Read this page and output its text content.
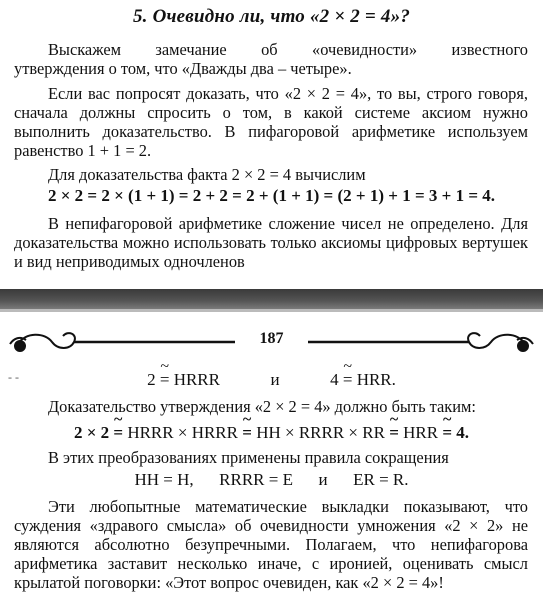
5. Очевидно ли, что «2 × 2 = 4»?
Выскажем замечание об «очевидности» известного
утверждения о том, что «Дважды два – четыре».
Если вас попросят доказать, что «2 × 2 = 4», то вы, строго говоря, сначала должны спросить о том, в какой системе аксиом нужно выполнить доказательство. В пифагоровой арифметике используем равенство 1 + 1 = 2.
Для доказательства факта 2 × 2 = 4 вычислим
2 × 2 = 2 × (1 + 1) = 2 + 2 = 2 + (1 + 1) = (2 + 1) + 1 = 3 + 1 = 4.
В непифагоровой арифметике сложение чисел не определено. Для доказательства можно использовать только аксиомы цифровых вертушек и вид неприводимых одночленов
187
- -	2 ~ = HRRR	и	4 ~ = HRR.
Доказательство утверждения «2 × 2 = 4» должно быть таким:
2 × 2 ~ = HRRR × HRRR ~ = HH × RRRR × RR ~ = HRR ~ = 4.
В этих преобразованиях применены правила сокращения
HH = H,      RRRR = E      и      ER = R.
Эти любопытные математические выкладки показывают, что суждения «здравого смысла» об очевидности умножения «2 × 2» не являются абсолютно безупречными. Полагаем, что непифагорова арифметика заставит несколько иначе, с иронией, оценивать смысл крылатой поговорки: «Этот вопрос очевиден, как «2 × 2 = 4»!
